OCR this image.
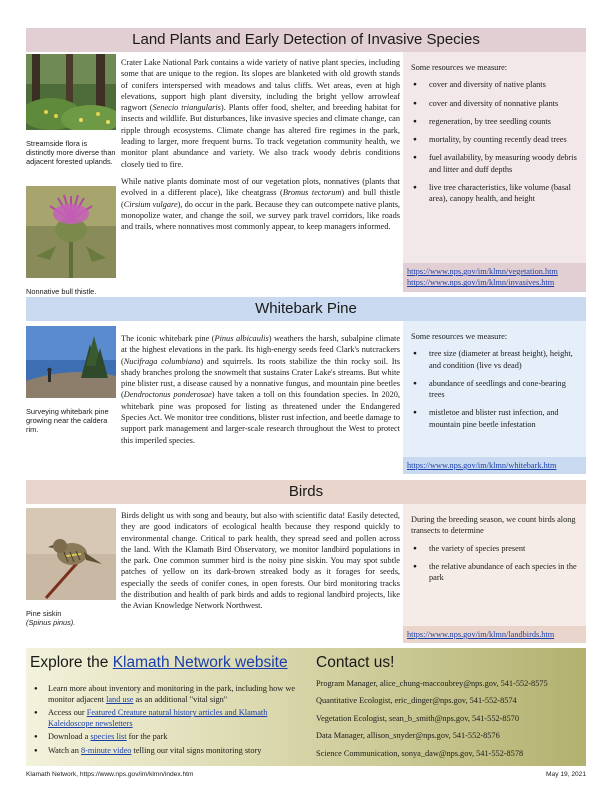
Land Plants and Early Detection of Invasive Species
Streamside flora is distinctly more diverse than adjacent forested uplands.
Nonnative bull thistle.

Crater Lake National Park contains a wide variety of native plant species, including some that are unique to the region. Its slopes are blanketed with old growth stands of conifers interspersed with meadows and talus cliffs. Wet areas, even at high elevations, support high plant diversity, including the bright yellow arrowleaf ragwort (Senecio triangularis). Plants offer food, shelter, and breeding habitat for insects and wildlife. But disturbances, like invasive species and climate change, can ripple through ecosystems. Climate change has altered fire regimes in the park, leading to larger, more frequent burns. To track vegetation community health, we monitor plant abundance and variety. We also track woody debris conditions closely tied to fire.

While native plants dominate most of our vegetation plots, nonnatives (plants that evolved in a different place), like cheatgrass (Bromus tectorum) and bull thistle (Cirsium vulgare), do occur in the park. Because they can outcompete native plants, monopolize water, and change the soil, we survey park travel corridors, like roads and trails, where nonnatives most commonly appear, to keep managers informed.

Some resources we measure:
● cover and diversity of native plants
● cover and diversity of nonnative plants
● regeneration, by tree seedling counts
● mortality, by counting recently dead trees
● fuel availability, by measuring woody debris and litter and duff depths
● live tree characteristics, like volume (basal area), canopy health, and height
https://www.nps.gov/im/klmn/vegetation.htm
https://www.nps.gov/im/klmn/invasives.htm
Whitebark Pine
Surveying whitebark pine growing near the caldera rim.

The iconic whitebark pine (Pinus albicaulis) weathers the harsh, subalpine climate at the highest elevations in the park. Its high-energy seeds feed Clark's nutcrackers (Nucifraga columbiana) and squirrels. Its roots stabilize the thin rocky soil. Its shady branches prolong the snowmelt that sustains Crater Lake's streams. But white pine blister rust, a disease caused by a nonnative fungus, and mountain pine beetles (Dendroctonus ponderosae) have taken a toll on this foundation species. In 2020, whitebark pine was proposed for listing as threatened under the Endangered Species Act. We monitor tree conditions, blister rust infection, and beetle damage to support park management and larger-scale research throughout the West to protect this imperiled species.

Some resources we measure:
● tree size (diameter at breast height), height, and condition (live vs dead)
● abundance of seedlings and cone-bearing trees
● mistletoe and blister rust infection, and mountain pine beetle infestation
https://www.nps.gov/im/klmn/whitebark.htm
Birds
Pine siskin
(Spinus pinus).

Birds delight us with song and beauty, but also with scientific data! Easily detected, they are good indicators of ecological health because they respond quickly to environmental change. Critical to park health, they spread seed and pollen across the land. With the Klamath Bird Observatory, we monitor landbird populations in the park. One common summer bird is the noisy pine siskin. You may spot subtle patches of yellow on its dark-brown streaked body as it forages for seeds, especially the seeds of conifer cones, in open forests. Our bird monitoring tracks the distribution and health of park birds and adds to regional landbird projects, like the Avian Knowledge Network Northwest.

During the breeding season, we count birds along transects to determine
● the variety of species present
● the relative abundance of each species in the park
https://www.nps.gov/im/klmn/landbirds.htm
Explore the Klamath Network website
● Learn more about inventory and monitoring in the park, including how we monitor adjacent land use as an additional "vital sign"
● Access our Featured Creature natural history articles and Klamath Kaleidoscope newsletters
● Download a species list for the park
● Watch an 8-minute video telling our vital signs monitoring story
Contact us!
Program Manager, alice_chung-maccoubrey@nps.gov, 541-552-8575
Quantitative Ecologist, eric_dinger@nps.gov, 541-552-8574
Vegetation Ecologist, sean_b_smith@nps.gov, 541-552-8570
Data Manager, allison_snyder@nps.gov, 541-552-8576
Science Communication, sonya_daw@nps.gov, 541-552-8578
Klamath Network, https://www.nps.gov/im/klmn/index.htm	May 19, 2021
